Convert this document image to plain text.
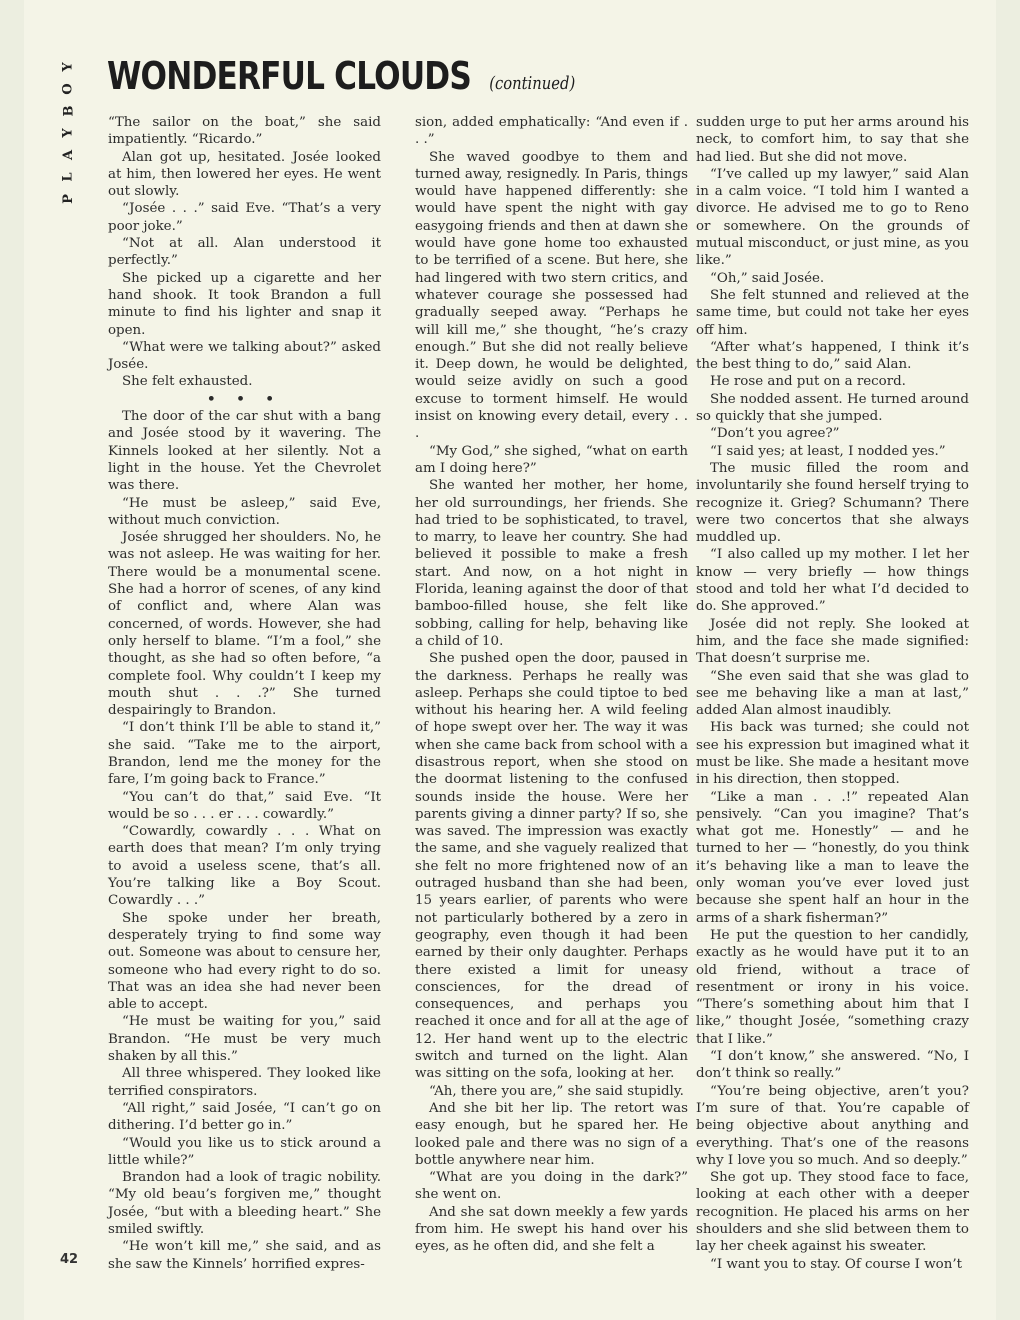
Y
O
B
Y
A
L
P
WONDERFUL CLOUDS (continued)

“The sailor on the boat,” she said impatiently. “Ricardo.”

Alan got up, hesitated. Josée looked at him, then lowered her eyes. He went out slowly.

“Josée . . .” said Eve. “That’s a very poor joke.”

“Not at all. Alan understood it perfectly.”

She picked up a cigarette and her hand shook. It took Brandon a full minute to find his lighter and snap it open.

“What were we talking about?” asked Josée.

She felt exhausted.

• • •

The door of the car shut with a bang and Josée stood by it wavering. The Kinnels looked at her silently. Not a light in the house. Yet the Chevrolet was there.

“He must be asleep,” said Eve, without much conviction.

Josée shrugged her shoulders. No, he was not asleep. He was waiting for her. There would be a monumental scene. She had a horror of scenes, of any kind of conflict and, where Alan was concerned, of words. However, she had only herself to blame. “I’m a fool,” she thought, as she had so often before, “a complete fool. Why couldn’t I keep my mouth shut . . .?” She turned despairingly to Brandon.

“I don’t think I’ll be able to stand it,” she said. “Take me to the airport, Brandon, lend me the money for the fare, I’m going back to France.”

“You can’t do that,” said Eve. “It would be so . . . er . . . cowardly.”

“Cowardly, cowardly . . . What on earth does that mean? I’m only trying to avoid a useless scene, that’s all. You’re talking like a Boy Scout. Cowardly . . .”

She spoke under her breath, desperately trying to find some way out. Someone was about to censure her, someone who had every right to do so. That was an idea she had never been able to accept.

“He must be waiting for you,” said Brandon. “He must be very much shaken by all this.”

All three whispered. They looked like terrified conspirators.

“All right,” said Josée, “I can’t go on dithering. I’d better go in.”

“Would you like us to stick around a little while?”

Brandon had a look of tragic nobility. “My old beau’s forgiven me,” thought Josée, “but with a bleeding heart.” She smiled swiftly.

“He won’t kill me,” she said, and as she saw the Kinnels’ horrified expres-

sion, added emphatically: “And even if . . .”

She waved goodbye to them and turned away, resignedly. In Paris, things would have happened differently: she would have spent the night with gay easygoing friends and then at dawn she would have gone home too exhausted to be terrified of a scene. But here, she had lingered with two stern critics, and whatever courage she possessed had gradually seeped away. “Perhaps he will kill me,” she thought, “he’s crazy enough.” But she did not really believe it. Deep down, he would be delighted, would seize avidly on such a good excuse to torment himself. He would insist on knowing every detail, every . . .

“My God,” she sighed, “what on earth am I doing here?”

She wanted her mother, her home, her old surroundings, her friends. She had tried to be sophisticated, to travel, to marry, to leave her country. She had believed it possible to make a fresh start. And now, on a hot night in Florida, leaning against the door of that bamboo-filled house, she felt like sobbing, calling for help, behaving like a child of 10.

She pushed open the door, paused in the darkness. Perhaps he really was asleep. Perhaps she could tiptoe to bed without his hearing her. A wild feeling of hope swept over her. The way it was when she came back from school with a disastrous report, when she stood on the doormat listening to the confused sounds inside the house. Were her parents giving a dinner party? If so, she was saved. The impression was exactly the same, and she vaguely realized that she felt no more frightened now of an outraged husband than she had been, 15 years earlier, of parents who were not particularly bothered by a zero in geography, even though it had been earned by their only daughter. Perhaps there existed a limit for uneasy consciences, for the dread of consequences, and perhaps you reached it once and for all at the age of 12. Her hand went up to the electric switch and turned on the light. Alan was sitting on the sofa, looking at her.

“Ah, there you are,” she said stupidly.

And she bit her lip. The retort was easy enough, but he spared her. He looked pale and there was no sign of a bottle anywhere near him.

“What are you doing in the dark?” she went on.

And she sat down meekly a few yards from him. He swept his hand over his eyes, as he often did, and she felt a

sudden urge to put her arms around his neck, to comfort him, to say that she had lied. But she did not move.

“I’ve called up my lawyer,” said Alan in a calm voice. “I told him I wanted a divorce. He advised me to go to Reno or somewhere. On the grounds of mutual misconduct, or just mine, as you like.”

“Oh,” said Josée.

She felt stunned and relieved at the same time, but could not take her eyes off him.

“After what’s happened, I think it’s the best thing to do,” said Alan.

He rose and put on a record.

She nodded assent. He turned around so quickly that she jumped.

“Don’t you agree?”

“I said yes; at least, I nodded yes.”

The music filled the room and involuntarily she found herself trying to recognize it. Grieg? Schumann? There were two concertos that she always muddled up.

“I also called up my mother. I let her know — very briefly — how things stood and told her what I’d decided to do. She approved.”

Josée did not reply. She looked at him, and the face she made signified: That doesn’t surprise me.

“She even said that she was glad to see me behaving like a man at last,” added Alan almost inaudibly.

His back was turned; she could not see his expression but imagined what it must be like. She made a hesitant move in his direction, then stopped.

“Like a man . . .!” repeated Alan pensively. “Can you imagine? That’s what got me. Honestly” — and he turned to her — “honestly, do you think it’s behaving like a man to leave the only woman you’ve ever loved just because she spent half an hour in the arms of a shark fisherman?”

He put the question to her candidly, exactly as he would have put it to an old friend, without a trace of resentment or irony in his voice. “There’s something about him that I like,” thought Josée, “something crazy that I like.”

“I don’t know,” she answered. “No, I don’t think so really.”

“You’re being objective, aren’t you? I’m sure of that. You’re capable of being objective about anything and everything. That’s one of the reasons why I love you so much. And so deeply.”

She got up. They stood face to face, looking at each other with a deeper recognition. He placed his arms on her shoulders and she slid between them to lay her cheek against his sweater.

“I want you to stay. Of course I won’t

42
